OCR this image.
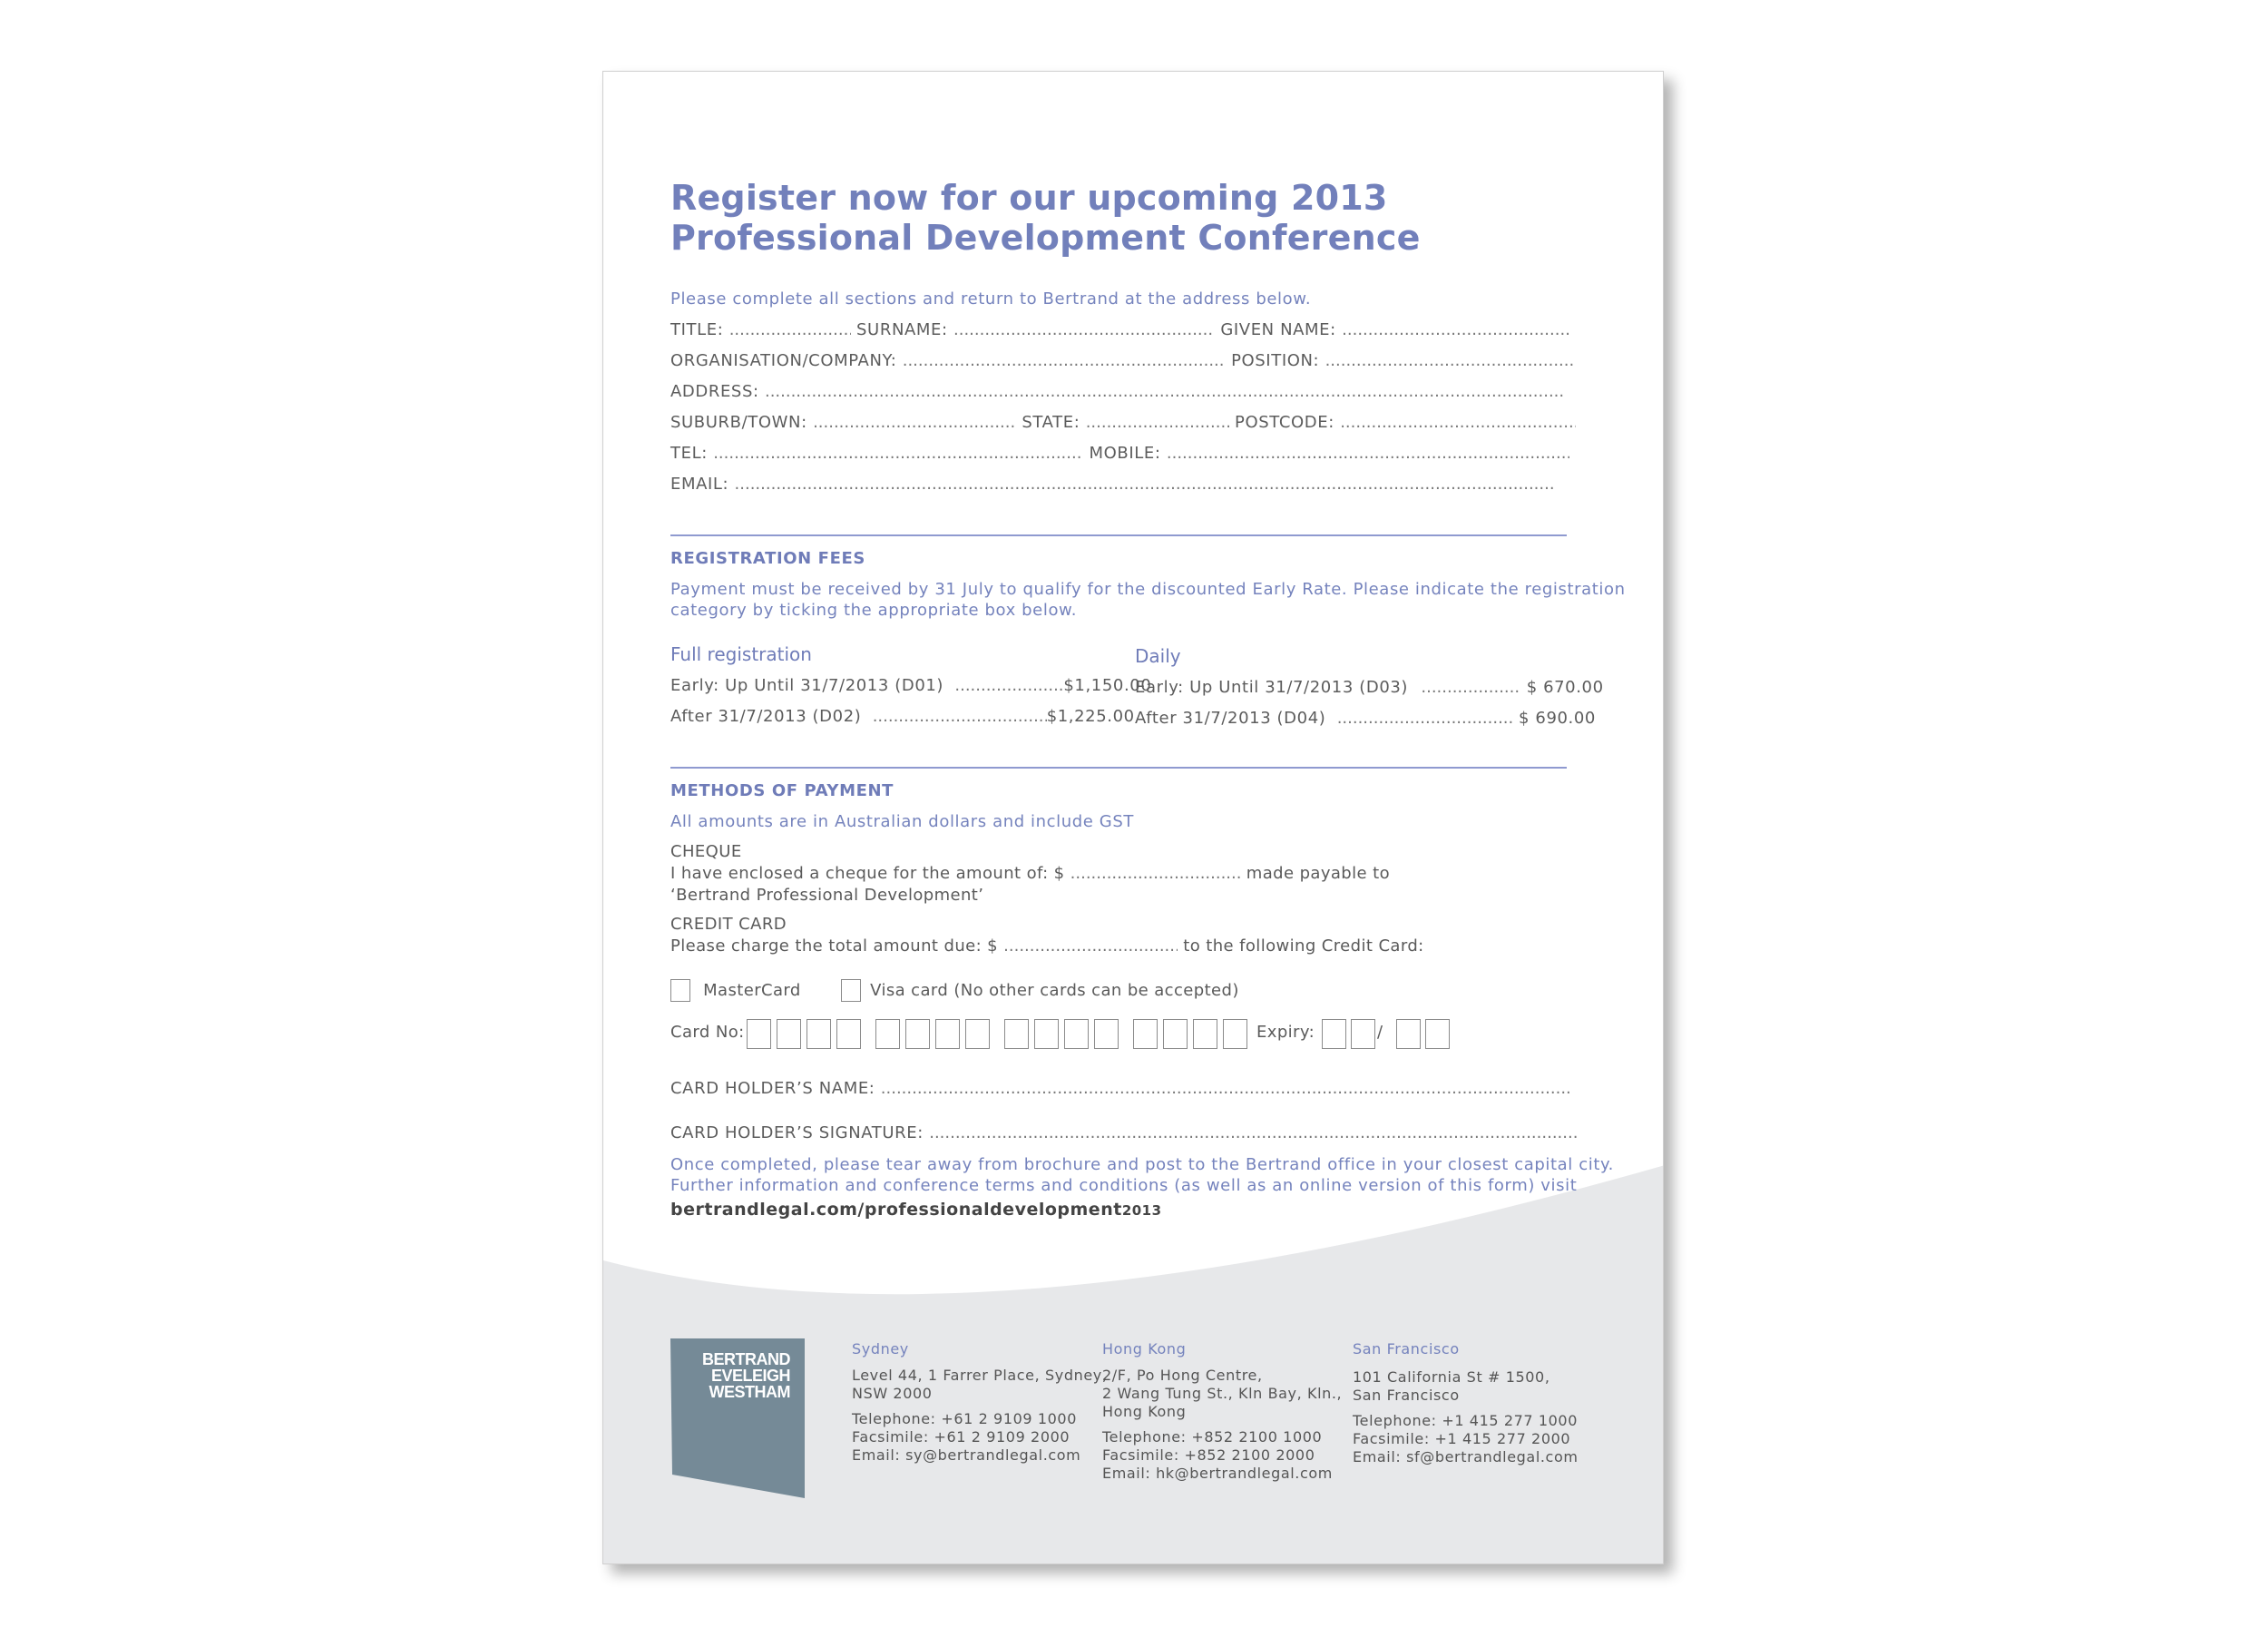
Register now for our upcoming 2013
Professional Development Conference
Please complete all sections and return to Bertrand at the address below.
TITLE: .....	SURNAME: .....	GIVEN NAME: .....
ORGANISATION/COMPANY: .....	POSITION: .....
ADDRESS: .....
SUBURB/TOWN: .....	STATE: .....	POSTCODE: .....
TEL: .....	MOBILE: .....
EMAIL: .....
REGISTRATION FEES
Payment must be received by 31 July to qualify for the discounted Early Rate. Please indicate the registration
category by ticking the appropriate box below.
Full registration
Early: Up Until 31/7/2013 (D01) .....	$1,150.00
After 31/7/2013 (D02) .....	$1,225.00
Daily
Early: Up Until 31/7/2013 (D03) .....	$ 670.00
After 31/7/2013 (D04) .....	$ 690.00
METHODS OF PAYMENT
All amounts are in Australian dollars and include GST
CHEQUE
I have enclosed a cheque for the amount of: $ .....	made payable to
‘Bertrand Professional Development’
CREDIT CARD
Please charge the total amount due: $ .....	to the following Credit Card:
MasterCard	Visa card (No other cards can be accepted)
Card No:	Expiry:	/
CARD HOLDER’S NAME: .....
CARD HOLDER’S SIGNATURE: .....
Once completed, please tear away from brochure and post to the Bertrand office in your closest capital city.
Further information and conference terms and conditions (as well as an online version of this form) visit
bertrandlegal.com/professionaldevelopment2013
BERTRAND
EVELEIGH
WESTHAM
Sydney
Level 44, 1 Farrer Place, Sydney,
NSW 2000
Telephone: +61 2 9109 1000
Facsimile: +61 2 9109 2000
Email: sy@bertrandlegal.com
Hong Kong
2/F, Po Hong Centre,
2 Wang Tung St., Kln Bay, Kln.,
Hong Kong
Telephone: +852 2100 1000
Facsimile: +852 2100 2000
Email: hk@bertrandlegal.com
San Francisco
101 California St # 1500,
San Francisco
Telephone: +1 415 277 1000
Facsimile: +1 415 277 2000
Email: sf@bertrandlegal.com
